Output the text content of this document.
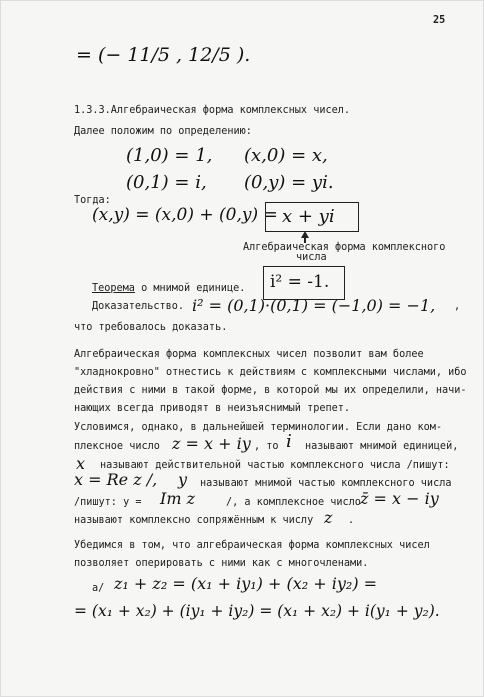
25
= (− 11/5 , 12/5 ).
1.3.3.Алгебраическая форма комплексных чисел.
Далее положим по определению:
(1,0) = 1, (x,0) = x,
(0,1) = i, (0,y) = yi.
Тогда:
(x,y) = (x,0) + (0,y) = x + yi
Алгебраическая форма комплексного
числа
Теорема о мнимой единице. i² = -1.
Доказательство. i² = (0,1)·(0,1) = (−1,0) = −1, ,
что требовалось доказать.
Алгебраическая форма комплексных чисел позволит вам более
"хладнокровно" отнестись к действиям с комплексными числами, ибо
действия с ними в такой форме, в которой мы их определили, начи-
нающих всегда приводят в неизъяснимый трепет.
Условимся, однако, в дальнейшей терминологии. Если дано ком-
плексное число z = x + iy , то i называют мнимой единицей,
x называют действительной частью комплексного числа /пишут:
x = Re z /, y называют мнимой частью комплексного числа
/пишут: y = Im z	/, а комплексное число z̄ = x − iy
называют комплексно сопряжённым к числу z .
Убедимся в том, что алгебраическая форма комплексных чисел
позволяет оперировать с ними как с многочленами.
а/ z₁ + z₂ = (x₁ + iy₁) + (x₂ + iy₂) =
= (x₁ + x₂) + (iy₁ + iy₂) = (x₁ + x₂) + i(y₁ + y₂).
